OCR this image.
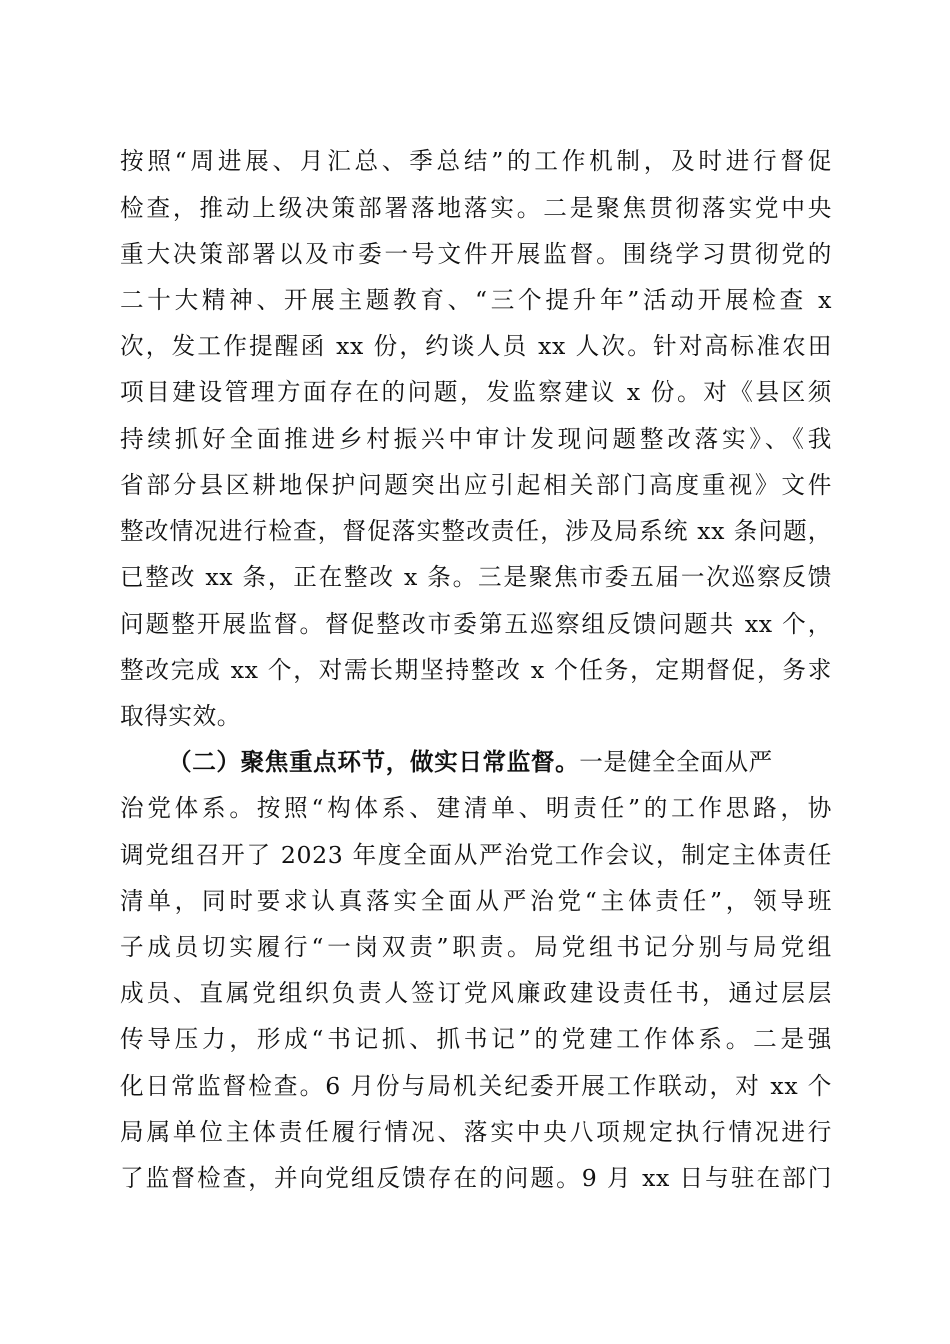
按照“周进展、月汇总、季总结”的工作机制，及时进行督促
检查，推动上级决策部署落地落实。二是聚焦贯彻落实党中央
重大决策部署以及市委一号文件开展监督。围绕学习贯彻党的
二十大精神、开展主题教育、“三个提升年”活动开展检查 x
次，发工作提醒函 xx 份，约谈人员 xx 人次。针对高标准农田
项目建设管理方面存在的问题，发监察建议 x 份。对《县区须
持续抓好全面推进乡村振兴中审计发现问题整改落实》、《我
省部分县区耕地保护问题突出应引起相关部门高度重视》文件
整改情况进行检查，督促落实整改责任，涉及局系统 xx 条问题，
已整改 xx 条，正在整改 x 条。三是聚焦市委五届一次巡察反馈
问题整开展监督。督促整改市委第五巡察组反馈问题共 xx 个，
整改完成 xx 个，对需长期坚持整改 x 个任务，定期督促，务求
取得实效。
（二）聚焦重点环节，做实日常监督。一是健全全面从严
治党体系。按照“构体系、建清单、明责任”的工作思路，协
调党组召开了 2023 年度全面从严治党工作会议，制定主体责任
清单，同时要求认真落实全面从严治党“主体责任”，领导班
子成员切实履行“一岗双责”职责。局党组书记分别与局党组
成员、直属党组织负责人签订党风廉政建设责任书，通过层层
传导压力，形成“书记抓、抓书记”的党建工作体系。二是强
化日常监督检查。6 月份与局机关纪委开展工作联动，对 xx 个
局属单位主体责任履行情况、落实中央八项规定执行情况进行
了监督检查，并向党组反馈存在的问题。9 月 xx 日与驻在部门
